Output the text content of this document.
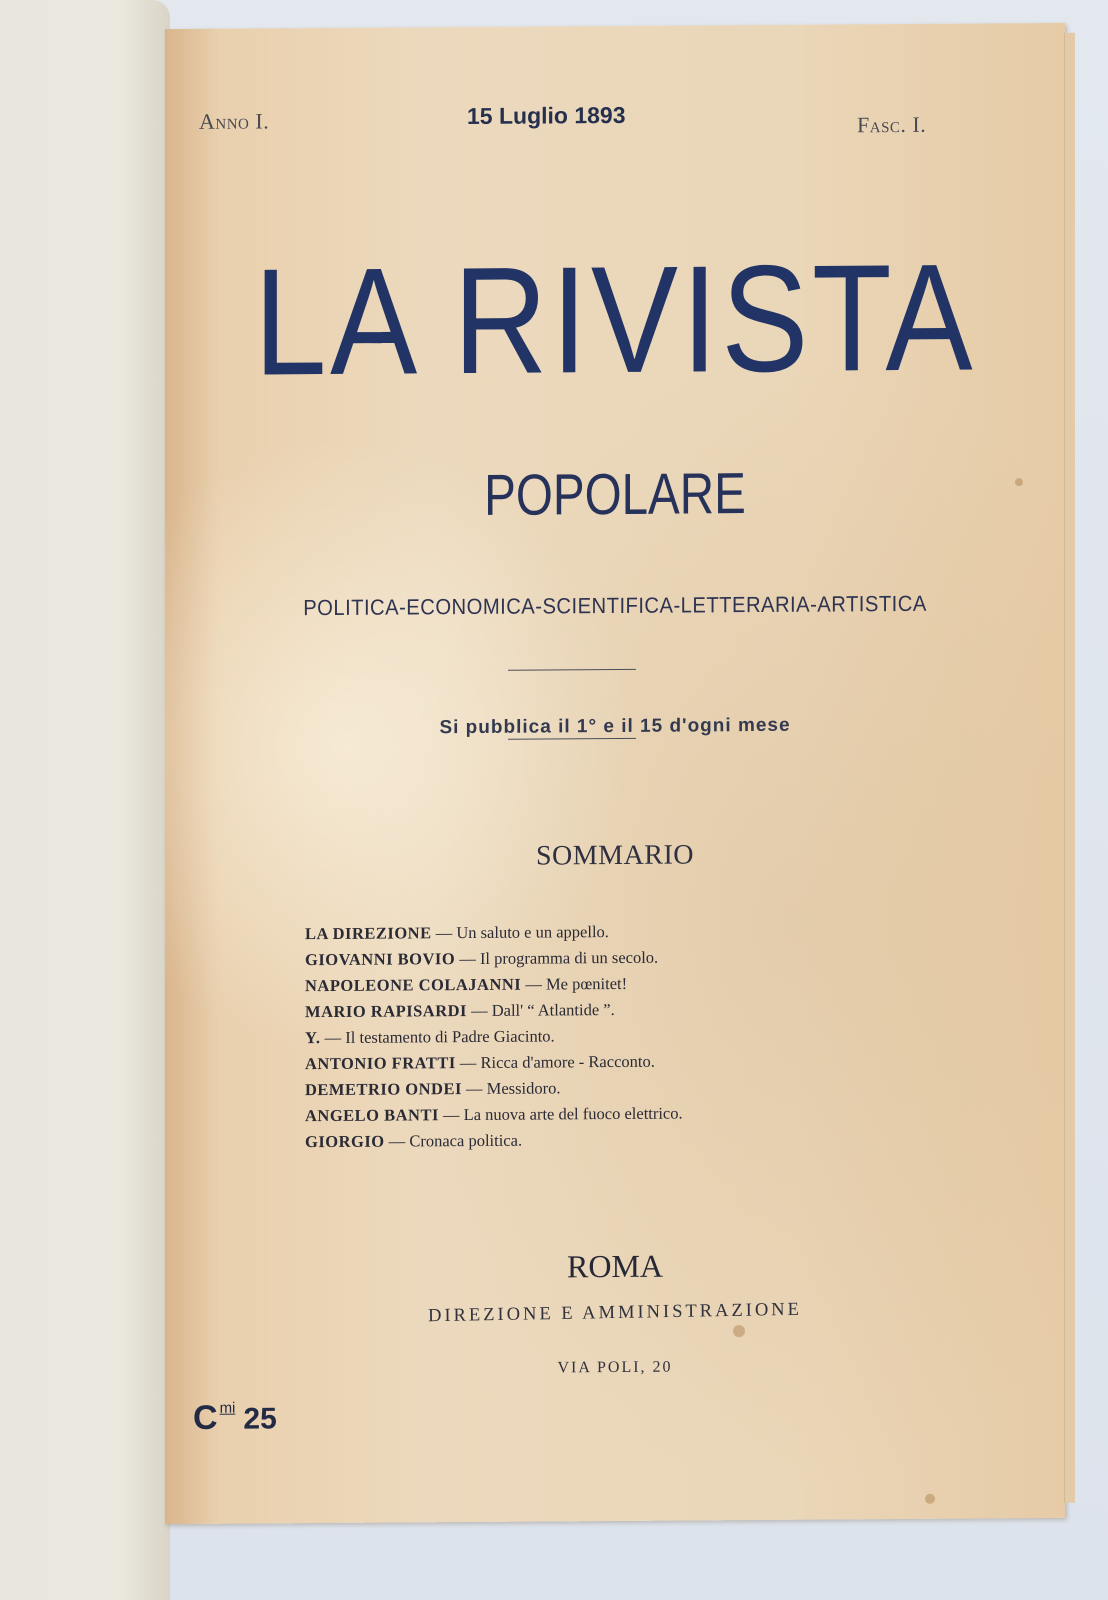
Anno I.	15 Luglio 1893	Fasc. I.
LA RIVISTA
POPOLARE
POLITICA-ECONOMICA-SCIENTIFICA-LETTERARIA-ARTISTICA
Si pubblica il 1° e il 15 d'ogni mese
SOMMARIO
LA DIREZIONE — Un saluto e un appello.
GIOVANNI BOVIO — Il programma di un secolo.
NAPOLEONE COLAJANNI — Me pœnitet!
MARIO RAPISARDI — Dall' “ Atlantide ”.
Y. — Il testamento di Padre Giacinto.
ANTONIO FRATTI — Ricca d'amore - Racconto.
DEMETRIO ONDEI — Messidoro.
ANGELO BANTI — La nuova arte del fuoco elettrico.
GIORGIO — Cronaca politica.
ROMA
DIREZIONE E AMMINISTRAZIONE
VIA POLI, 20
Cmi 25
